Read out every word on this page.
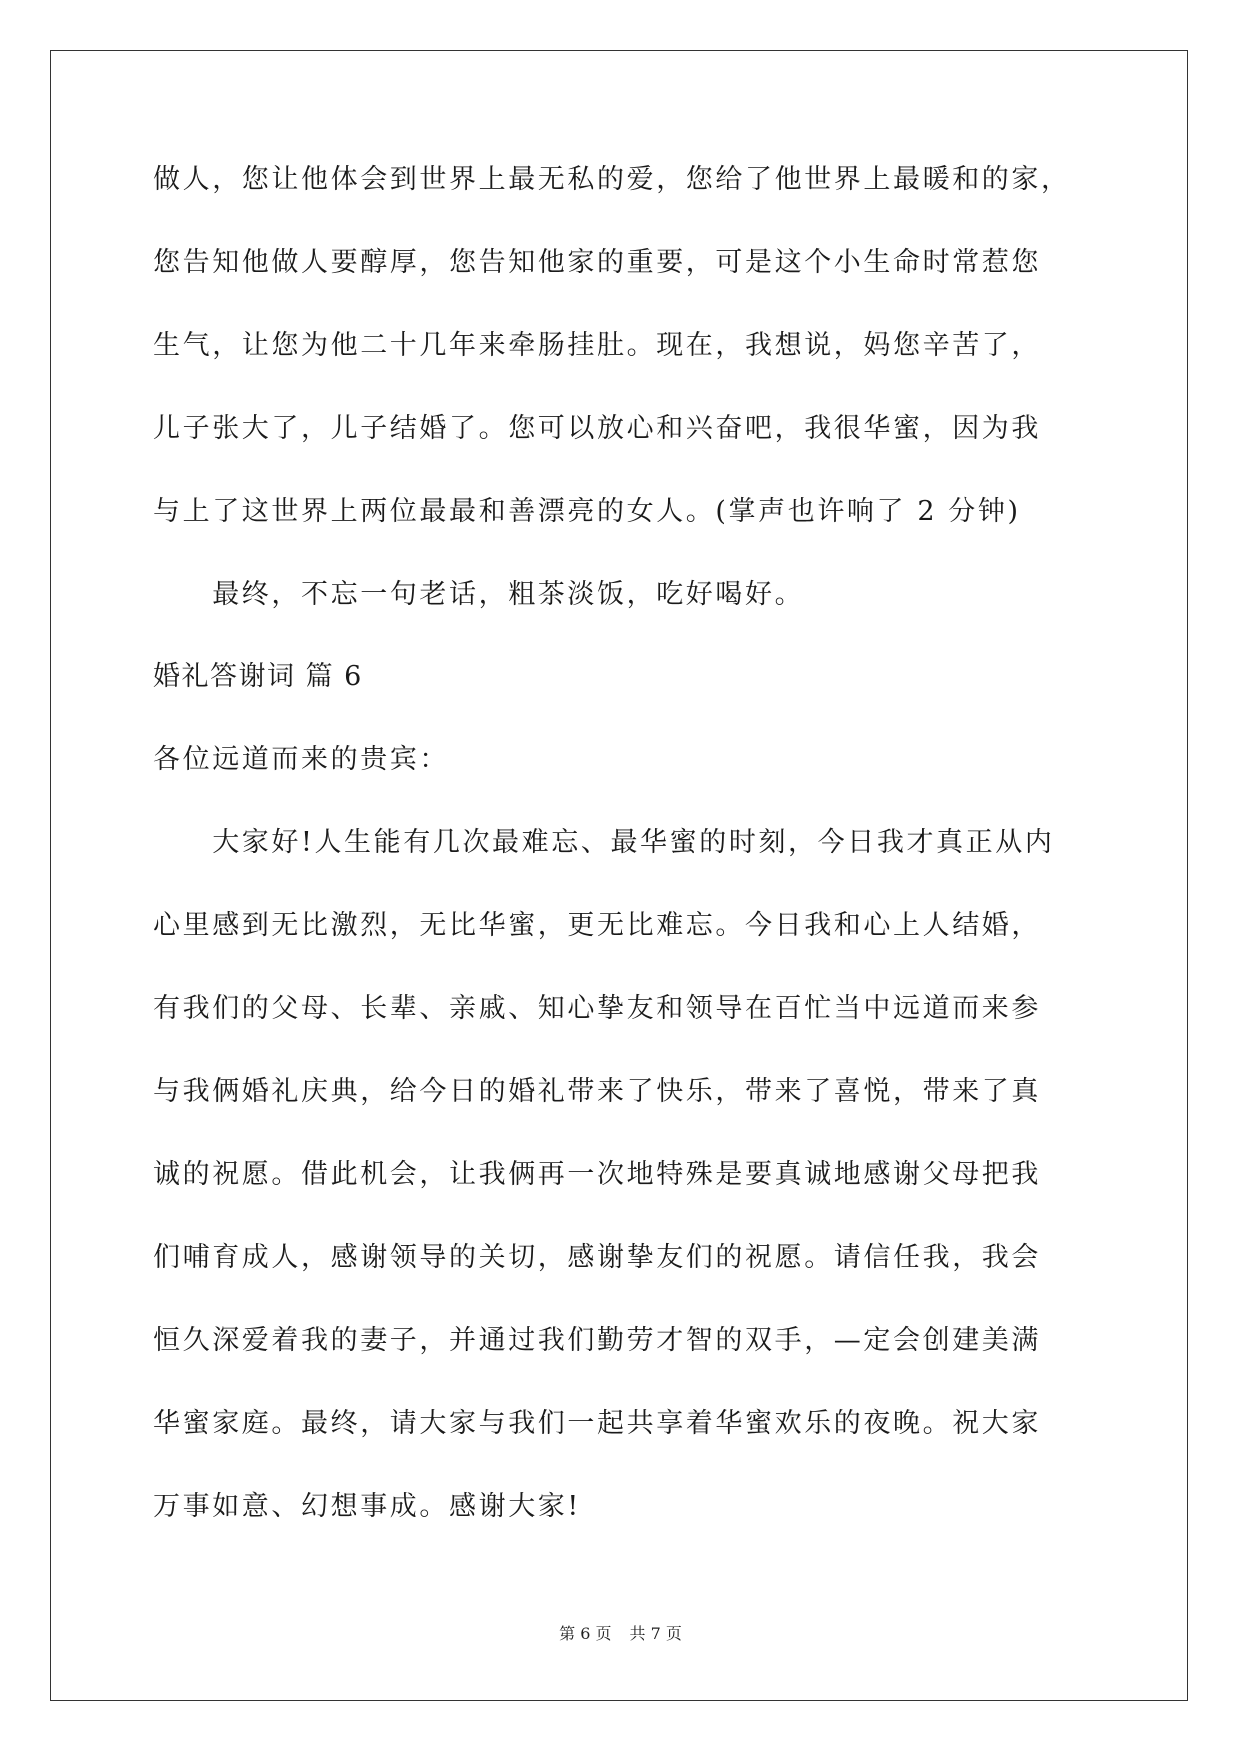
做人，您让他体会到世界上最无私的爱，您给了他世界上最暖和的家，
您告知他做人要醇厚，您告知他家的重要，可是这个小生命时常惹您
生气，让您为他二十几年来牵肠挂肚。现在，我想说，妈您辛苦了，
儿子张大了，儿子结婚了。您可以放心和兴奋吧，我很华蜜，因为我
与上了这世界上两位最最和善漂亮的女人。(掌声也许响了 2 分钟)
　　最终，不忘一句老话，粗茶淡饭，吃好喝好。
婚礼答谢词 篇 6
各位远道而来的贵宾：
　　大家好!人生能有几次最难忘、最华蜜的时刻，今日我才真正从内
心里感到无比激烈，无比华蜜，更无比难忘。今日我和心上人结婚，
有我们的父母、长辈、亲戚、知心挚友和领导在百忙当中远道而来参
与我俩婚礼庆典，给今日的婚礼带来了快乐，带来了喜悦，带来了真
诚的祝愿。借此机会，让我俩再一次地特殊是要真诚地感谢父母把我
们哺育成人，感谢领导的关切，感谢挚友们的祝愿。请信任我，我会
恒久深爱着我的妻子，并通过我们勤劳才智的双手，—定会创建美满
华蜜家庭。最终，请大家与我们一起共享着华蜜欢乐的夜晚。祝大家
万事如意、幻想事成。感谢大家!
第 6 页 共 7 页
